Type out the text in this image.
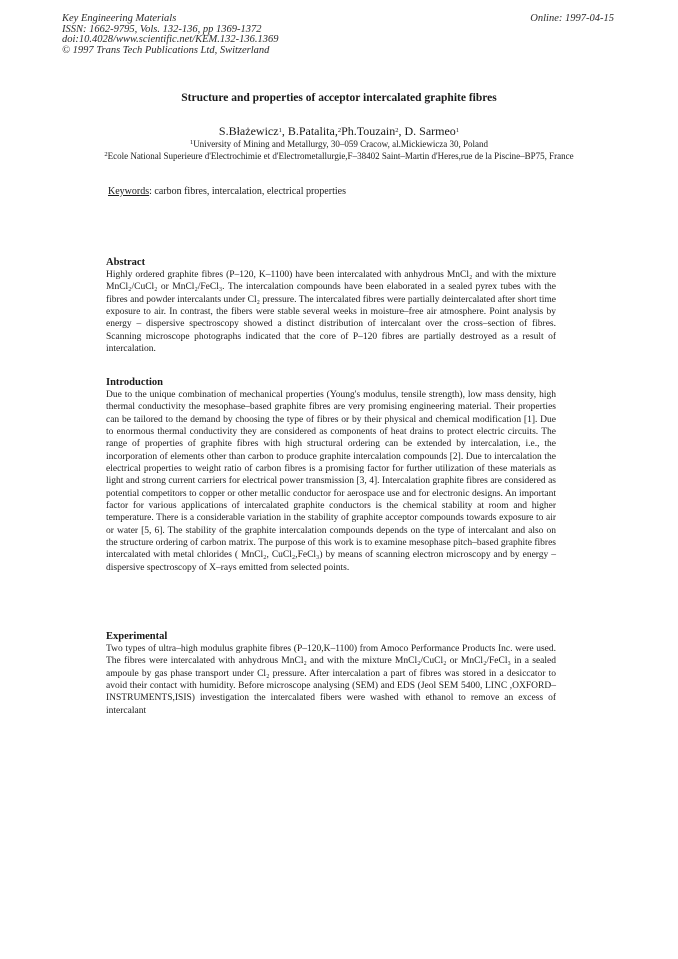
Key Engineering Materials
ISSN: 1662-9795, Vols. 132-136, pp 1369-1372
doi:10.4028/www.scientific.net/KEM.132-136.1369
© 1997 Trans Tech Publications Ltd, Switzerland
Online: 1997-04-15
Structure and properties of acceptor intercalated graphite fibres
S.Błażewicz$^1$, B.Patalita,$^2$Ph.Touzain$^2$, D. Sarmeo$^1$
$^1$University of Mining and Metallurgy, 30–059 Cracow, al.Mickiewicza 30, Poland
$^2$Ecole National Superieure d'Electrochimie et d'Electrometallurgie,F–38402 Saint–Martin d'Heres,rue de la Piscine–BP75, France
Keywords: carbon fibres, intercalation, electrical properties
Abstract

Highly ordered graphite fibres (P–120, K–1100) have been intercalated with anhydrous MnCl₂ and with the mixture MnCl₂/CuCl₂ or MnCl₂/FeCl₃. The intercalation compounds have been elaborated in a sealed pyrex tubes with the fibres and powder intercalants under Cl₂ pressure. The intercalated fibres were partially deintercalated after short time exposure to air. In contrast, the fibers were stable several weeks in moisture–free air atmosphere. Point analysis by energy – dispersive spectroscopy showed a distinct distribution of intercalant over the cross–section of fibres. Scanning microscope photographs indicated that the core of P–120 fibres are partially destroyed as a result of intercalation.

Introduction

Due to the unique combination of mechanical properties (Young's modulus, tensile strength), low mass density, high thermal conductivity the mesophase–based graphite fibres are very promising engineering material. Their properties can be tailored to the demand by choosing the type of fibres or by their physical and chemical modification [1]. Due to enormous thermal conductivity they are considered as components of heat drains to protect electric circuits. The range of properties of graphite fibres with high structural ordering can be extended by intercalation, i.e., the incorporation of elements other than carbon to produce graphite intercalation compounds [2]. Due to intercalation the electrical properties to weight ratio of carbon fibres is a promising factor for further utilization of these materials as light and strong current carriers for electrical power transmission [3, 4]. Intercalation graphite fibres are considered as potential competitors to copper or other metallic conductor for aerospace use and for electronic designs. An important factor for various applications of intercalated graphite conductors is the chemical stability at room and higher temperature. There is a considerable variation in the stability of graphite acceptor compounds towards exposure to air or water [5, 6]. The stability of the graphite intercalation compounds depends on the type of intercalant and also on the structure ordering of carbon matrix. The purpose of this work is to examine mesophase pitch–based graphite fibres intercalated with metal chlorides ( MnCl₂, CuCl₂,FeCl₃) by means of scanning electron microscopy and by energy – dispersive spectroscopy of X–rays emitted from selected points.

Experimental

Two types of ultra–high modulus graphite fibres (P–120,K–1100) from Amoco Performance Products Inc. were used. The fibres were intercalated with anhydrous MnCl₂ and with the mixture MnCl₂/CuCl₂ or MnCl₂/FeCl₃ in a sealed ampoule by gas phase transport under Cl₂ pressure. After intercalation a part of fibres was stored in a desiccator to avoid their contact with humidity. Before microscope analysing (SEM) and EDS (Jeol SEM 5400, LINC ,OXFORD–INSTRUMENTS,ISIS) investigation the intercalated fibers were washed with ethanol to remove an excess of intercalant
